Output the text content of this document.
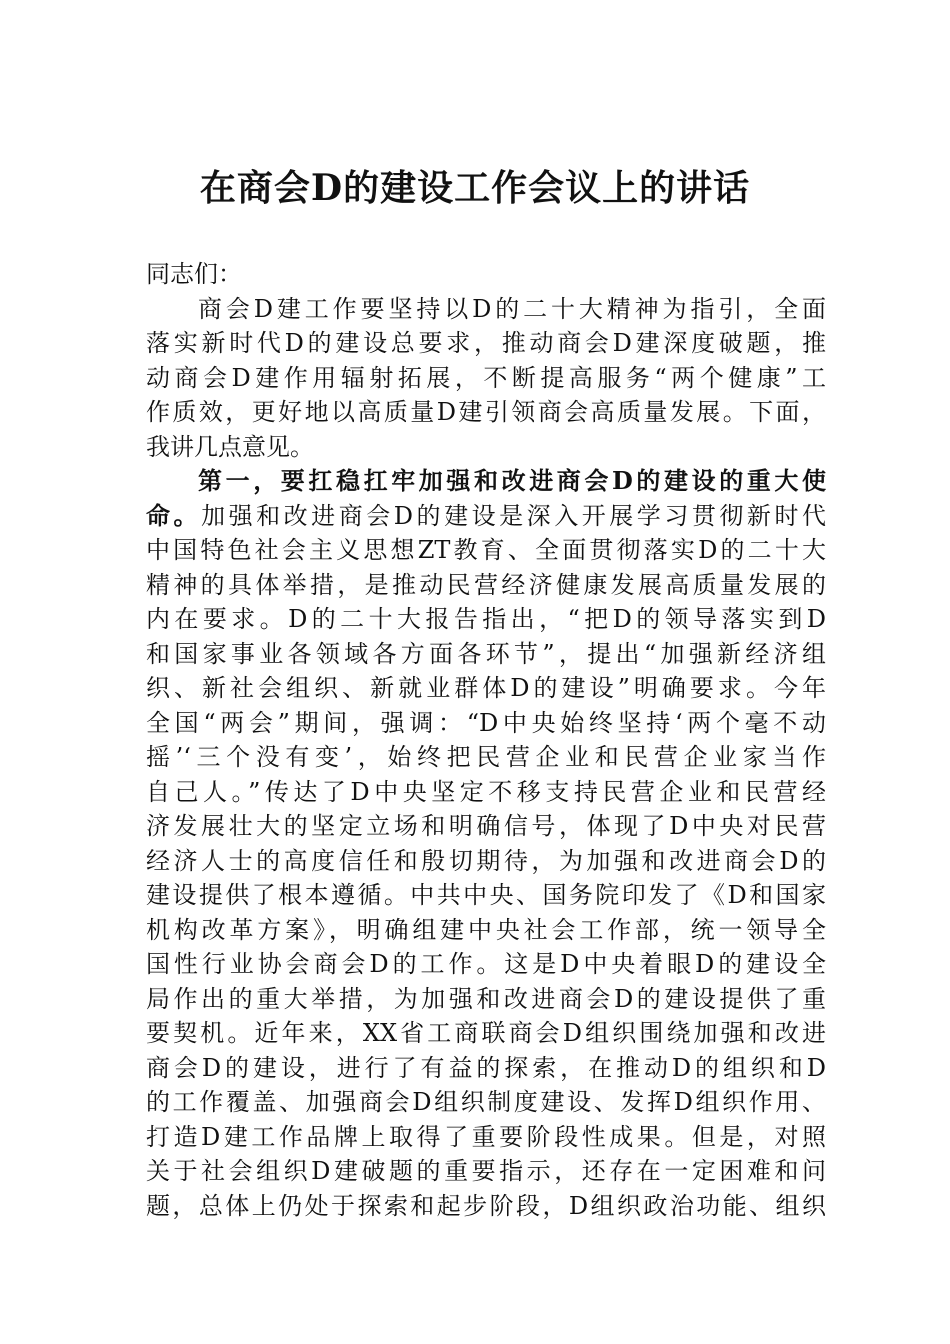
在商会D的建设工作会议上的讲话
同志们：
商会D建工作要坚持以D的二十大精神为指引，全面
落实新时代D的建设总要求，推动商会D建深度破题，推
动商会D建作用辐射拓展，不断提高服务“两个健康”工
作质效，更好地以高质量D建引领商会高质量发展。下面，
我讲几点意见。
第一，要扛稳扛牢加强和改进商会D的建设的重大使
命。加强和改进商会D的建设是深入开展学习贯彻新时代
中国特色社会主义思想ZT教育、全面贯彻落实D的二十大
精神的具体举措，是推动民营经济健康发展高质量发展的
内在要求。D的二十大报告指出，“把D的领导落实到D
和国家事业各领域各方面各环节”，提出“加强新经济组
织、新社会组织、新就业群体D的建设”明确要求。今年
全国“两会”期间，强调：“D中央始终坚持‘两个毫不动
摇’‘三个没有变’，始终把民营企业和民营企业家当作
自己人。”传达了D中央坚定不移支持民营企业和民营经
济发展壮大的坚定立场和明确信号，体现了D中央对民营
经济人士的高度信任和殷切期待，为加强和改进商会D的
建设提供了根本遵循。中共中央、国务院印发了《D和国家
机构改革方案》，明确组建中央社会工作部，统一领导全
国性行业协会商会D的工作。这是D中央着眼D的建设全
局作出的重大举措，为加强和改进商会D的建设提供了重
要契机。近年来，XX省工商联商会D组织围绕加强和改进
商会D的建设，进行了有益的探索，在推动D的组织和D
的工作覆盖、加强商会D组织制度建设、发挥D组织作用、
打造D建工作品牌上取得了重要阶段性成果。但是，对照
关于社会组织D建破题的重要指示，还存在一定困难和问
题，总体上仍处于探索和起步阶段，D组织政治功能、组织
